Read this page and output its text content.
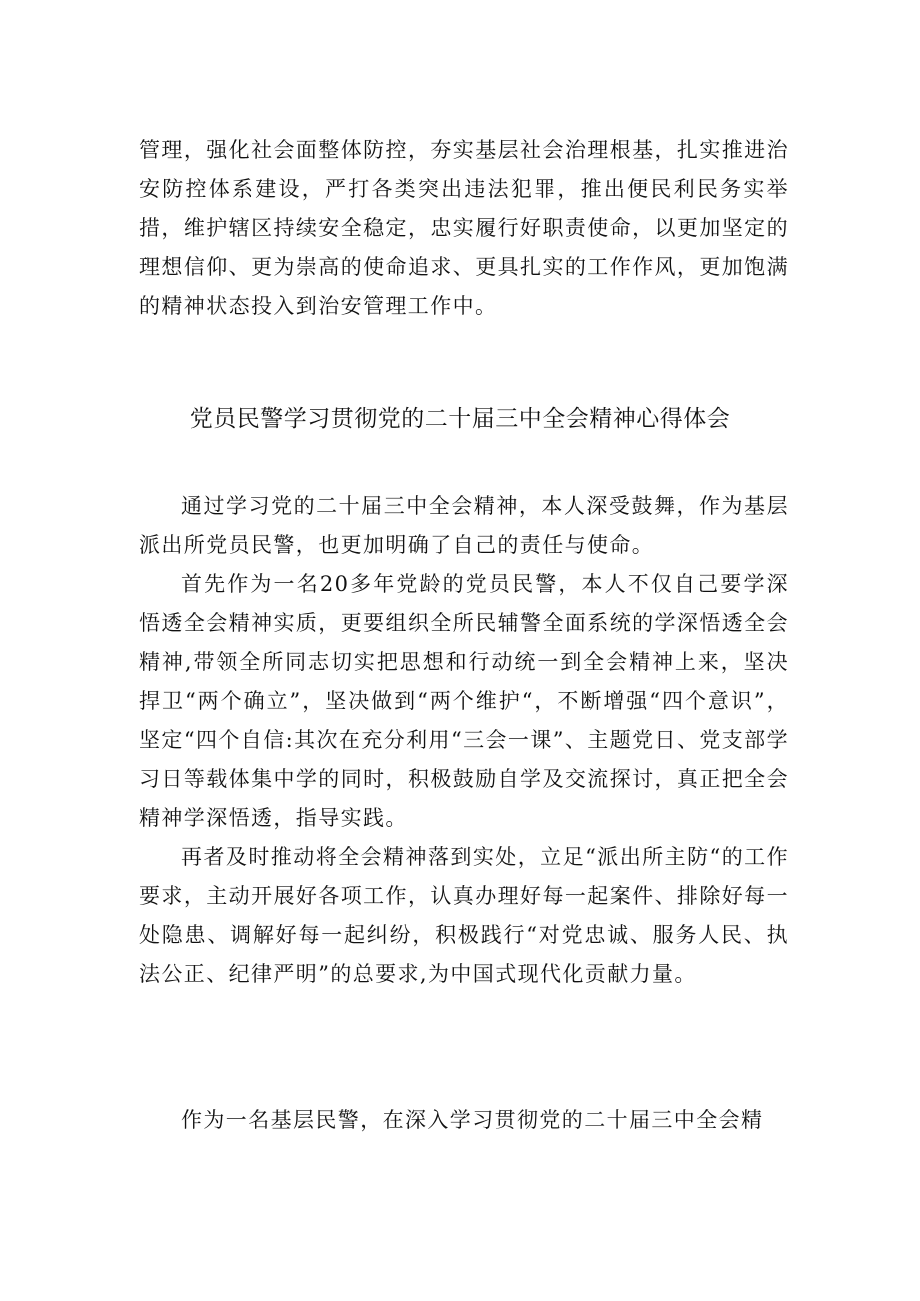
管理，强化社会面整体防控，夯实基层社会治理根基，扎实推进治安防控体系建设，严打各类突出违法犯罪，推出便民利民务实举措，维护辖区持续安全稳定，忠实履行好职责使命，以更加坚定的理想信仰、更为崇高的使命追求、更具扎实的工作作风，更加饱满的精神状态投入到治安管理工作中。

党员民警学习贯彻党的二十届三中全会精神心得体会

通过学习党的二十届三中全会精神，本人深受鼓舞，作为基层派出所党员民警，也更加明确了自己的责任与使命。

首先作为一名20多年党龄的党员民警，本人不仅自己要学深悟透全会精神实质，更要组织全所民辅警全面系统的学深悟透全会精神,带领全所同志切实把思想和行动统一到全会精神上来，坚决捍卫“两个确立”，坚决做到“两个维护“，不断增强“四个意识”，坚定“四个自信:其次在充分利用“三会一课”、主题党日、党支部学习日等载体集中学的同时，积极鼓励自学及交流探讨，真正把全会精神学深悟透，指导实践。

再者及时推动将全会精神落到实处，立足“派出所主防“的工作要求，主动开展好各项工作，认真办理好每一起案件、排除好每一处隐患、调解好每一起纠纷，积极践行“对党忠诚、服务人民、执法公正、纪律严明”的总要求,为中国式现代化贡献力量。

作为一名基层民警，在深入学习贯彻党的二十届三中全会精
